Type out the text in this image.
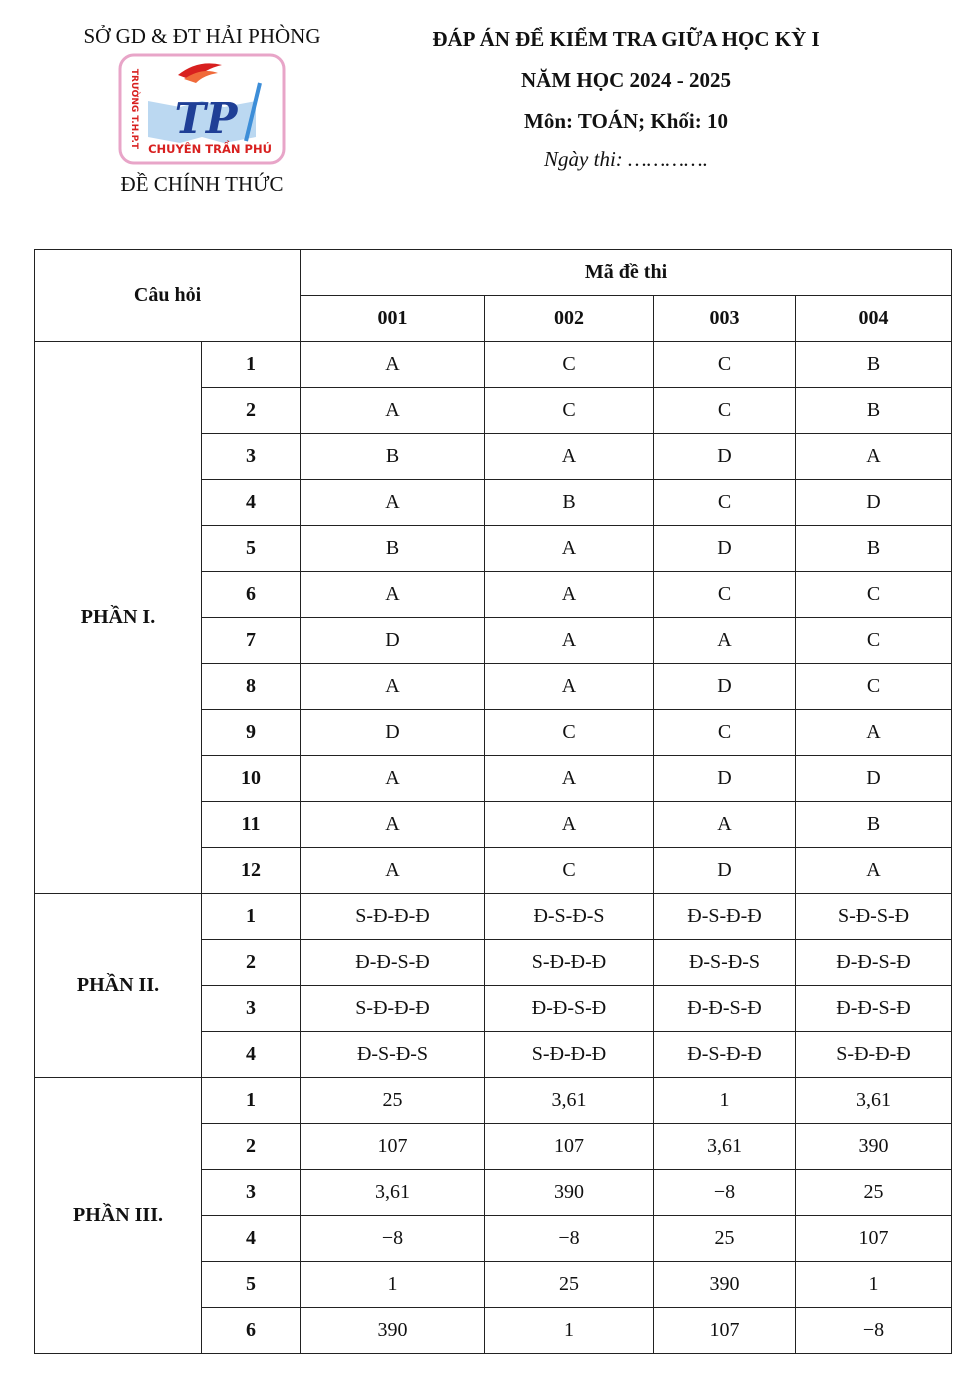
SỞ GD & ĐT HẢI PHÒNG
TRƯỜNG T.H.P.T TP
CHUYÊN TRẦN PHÚ
ĐỀ CHÍNH THỨC
ĐÁP ÁN ĐỂ KIỂM TRA GIỮA HỌC KỲ I
NĂM HỌC 2024 - 2025
Môn: TOÁN; Khối: 10
Ngày thi: ………….
Câu hỏi		Mã đề thi			
		001	002	003	004
PHẦN I.	1	A	C	C	B
	2	A	C	C	B
	3	B	A	D	A
	4	A	B	C	D
	5	B	A	D	B
	6	A	A	C	C
	7	D	A	A	C
	8	A	A	D	C
	9	D	C	C	A
	10	A	A	D	D
	11	A	A	A	B
	12	A	C	D	A
PHẦN II.	1	S-Đ-Đ-Đ	Đ-S-Đ-S	Đ-S-Đ-Đ	S-Đ-S-Đ
	2	Đ-Đ-S-Đ	S-Đ-Đ-Đ	Đ-S-Đ-S	Đ-Đ-S-Đ
	3	S-Đ-Đ-Đ	Đ-Đ-S-Đ	Đ-Đ-S-Đ	Đ-Đ-S-Đ
	4	Đ-S-Đ-S	S-Đ-Đ-Đ	Đ-S-Đ-Đ	S-Đ-Đ-Đ
PHẦN III.	1	25	3,61	1	3,61
	2	107	107	3,61	390
	3	3,61	390	−8	25
	4	−8	−8	25	107
	5	1	25	390	1
	6	390	1	107	−8
